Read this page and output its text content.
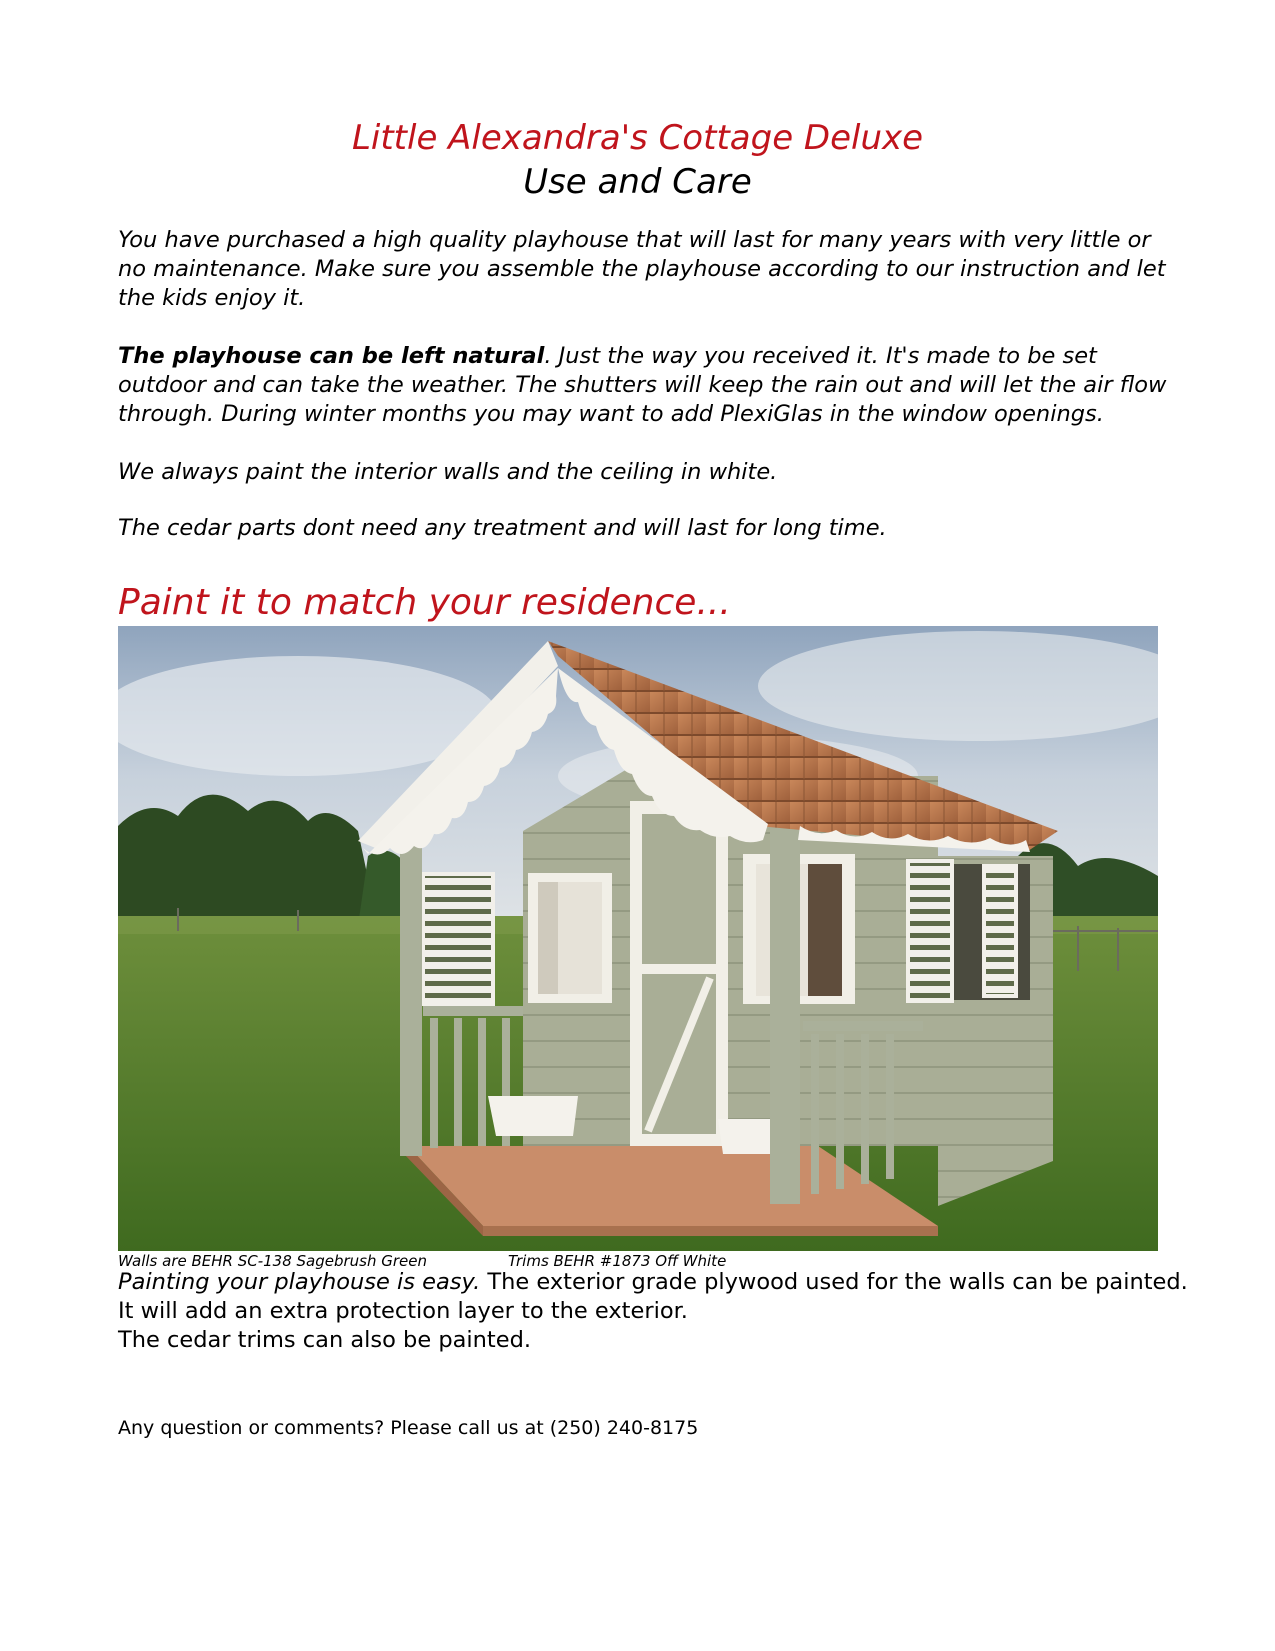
Little Alexandra's Cottage Deluxe
Use and Care

You have purchased a high quality playhouse that will last for many years with very little or no maintenance. Make sure you assemble the playhouse according to our instruction and let the kids enjoy it.

The playhouse can be left natural. Just the way you received it. It's made to be set outdoor and can take the weather. The shutters will keep the rain out and will let the air flow through. During winter months you may want to add PlexiGlas in the window openings.

We always paint the interior walls and the ceiling in white.

The cedar parts dont need any treatment and will last for long time.

Paint it to match your residence...
Walls are BEHR SC-138 Sagebrush Green	Trims BEHR #1873 Off White

Painting your playhouse is easy. The exterior grade plywood used for the walls can be painted. It will add an extra protection layer to the exterior.

The cedar trims can also be painted.

Any question or comments? Please call us at (250) 240-8175
